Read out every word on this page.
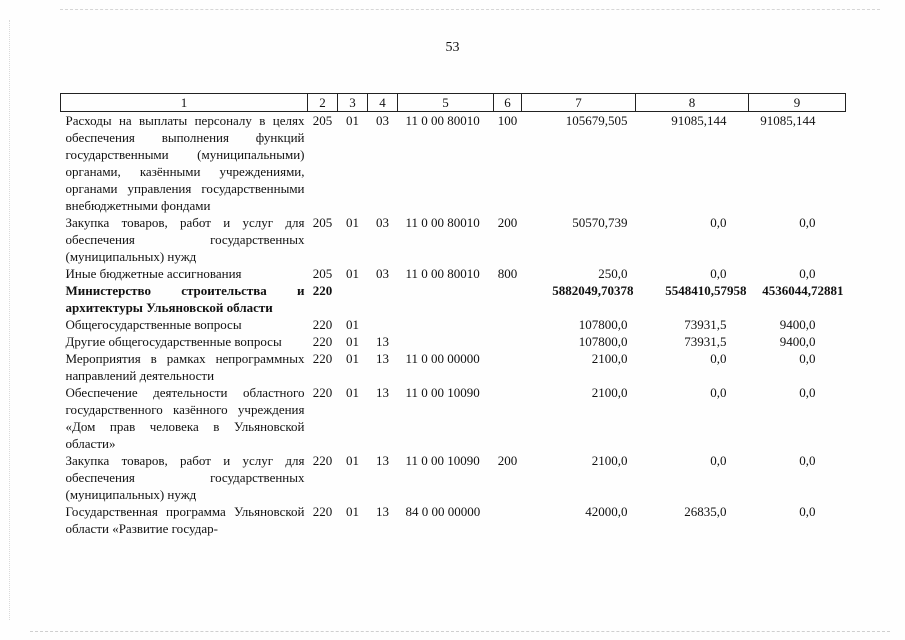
53
1	2	3	4	5	6	7	8	9
Расходы на выплаты персоналу в целях обеспечения выполнения функций государственными (муниципальными) органами, казёнными учреждениями, органами управления государственными внебюджетными фондами	205	01	03	11 0 00 80010	100	105679,505	91085,144	91085,144
Закупка товаров, работ и услуг для обеспечения государственных (муниципальных) нужд	205	01	03	11 0 00 80010	200	50570,739	0,0	0,0
Иные бюджетные ассигнования	205	01	03	11 0 00 80010	800	250,0	0,0	0,0
Министерство строительства и архитектуры Ульяновской области	220					5882049,70378	5548410,57958	4536044,72881
Общегосударственные вопросы	220	01				107800,0	73931,5	9400,0
Другие общегосударственные вопросы	220	01	13			107800,0	73931,5	9400,0
Мероприятия в рамках непрограммных направлений деятельности	220	01	13	11 0 00 00000		2100,0	0,0	0,0
Обеспечение деятельности областного государственного казённого учреждения «Дом прав человека в Ульяновской области»	220	01	13	11 0 00 10090		2100,0	0,0	0,0
Закупка товаров, работ и услуг для обеспечения государственных (муниципальных) нужд	220	01	13	11 0 00 10090	200	2100,0	0,0	0,0
Государственная программа Ульяновской области «Развитие государ-	220	01	13	84 0 00 00000		42000,0	26835,0	0,0
